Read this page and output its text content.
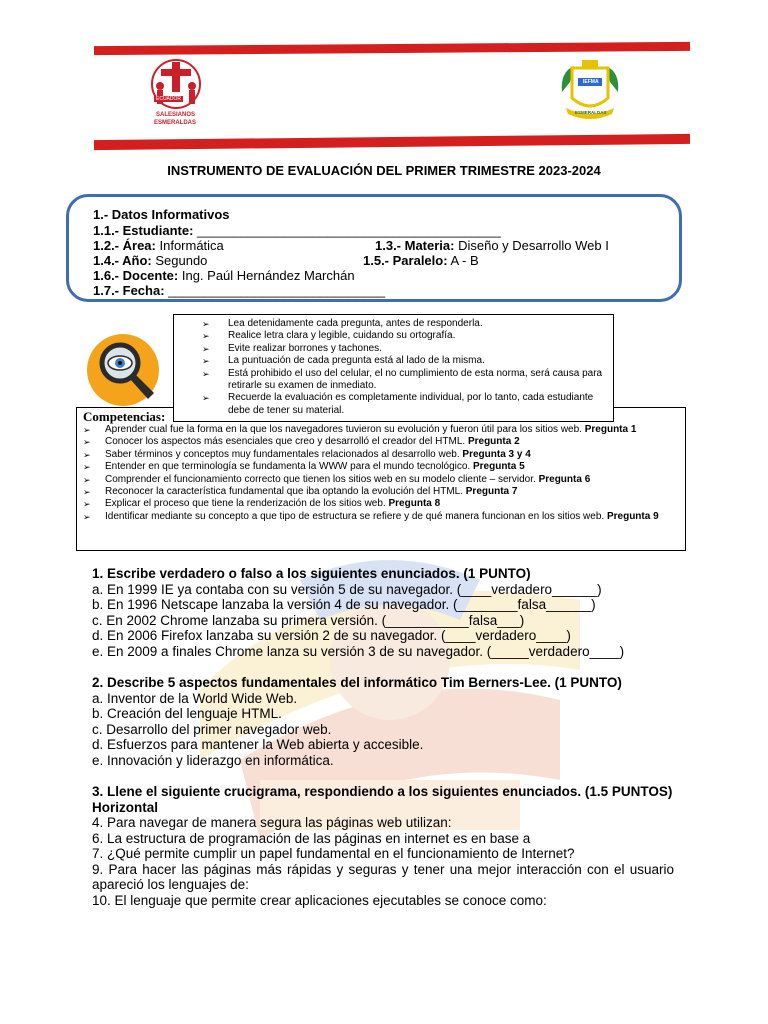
ECUADOR
SALESIANOS
ESMERALDAS
IEFMA
ESMERALDAS
INSTRUMENTO DE EVALUACIÓN DEL PRIMER TRIMESTRE 2023-2024
1.- Datos Informativos
1.1.- Estudiante: __________________________________________
1.2.- Área: Informática	1.3.- Materia: Diseño y Desarrollo Web I
1.4.- Año: Segundo	1.5.- Paralelo: A - B
1.6.- Docente: Ing. Paúl Hernández Marchán
1.7.- Fecha: ______________________________
Competencias:
➢ Aprender cual fue la forma en la que los navegadores tuvieron su evolución y fueron útil para los sitios web. Pregunta 1
➢ Conocer los aspectos más esenciales que creo y desarrolló el creador del HTML. Pregunta 2
➢ Saber términos y conceptos muy fundamentales relacionados al desarrollo web. Pregunta 3 y 4
➢ Entender en que terminología se fundamenta la WWW para el mundo tecnológico. Pregunta 5
➢ Comprender el funcionamiento correcto que tienen los sitios web en su modelo cliente – servidor. Pregunta 6
➢ Reconocer la característica fundamental que iba optando la evolución del HTML. Pregunta 7
➢ Explicar el proceso que tiene la renderización de los sitios web. Pregunta 8
➢ Identificar mediante su concepto a que tipo de estructura se refiere y de qué manera funcionan en los sitios web. Pregunta 9
➢ Lea detenidamente cada pregunta, antes de responderla.
➢ Realice letra clara y legible, cuidando su ortografía.
➢ Evite realizar borrones y tachones.
➢ La puntuación de cada pregunta está al lado de la misma.
➢ Está prohibido el uso del celular, el no cumplimiento de esta norma, será causa para retirarle su examen de inmediato.
➢ Recuerde la evaluación es completamente individual, por lo tanto, cada estudiante debe de tener su material.

1. Escribe verdadero o falso a los siguientes enunciados. (1 PUNTO)

a. En 1999 IE ya contaba con su versión 5 de su navegador. (____verdadero______)

b. En 1996 Netscape lanzaba la versión 4 de su navegador. (________falsa______)

c. En 2002 Chrome lanzaba su primera versión. (___________falsa___)

d. En 2006 Firefox lanzaba su versión 2 de su navegador. (____verdadero____)

e. En 2009 a finales Chrome lanza su versión 3 de su navegador. (_____verdadero____)

2. Describe 5 aspectos fundamentales del informático Tim Berners-Lee. (1 PUNTO)

a. Inventor de la World Wide Web.

b. Creación del lenguaje HTML.

c. Desarrollo del primer navegador web.

d. Esfuerzos para mantener la Web abierta y accesible.

e. Innovación y liderazgo en informática.

3. Llene el siguiente crucigrama, respondiendo a los siguientes enunciados. (1.5 PUNTOS)

Horizontal

4. Para navegar de manera segura las páginas web utilizan:

6. La estructura de programación de las páginas en internet es en base a

7. ¿Qué permite cumplir un papel fundamental en el funcionamiento de Internet?

9. Para hacer las páginas más rápidas y seguras y tener una mejor interacción con el usuario apareció los lenguajes de:

10. El lenguaje que permite crear aplicaciones ejecutables se conoce como:
